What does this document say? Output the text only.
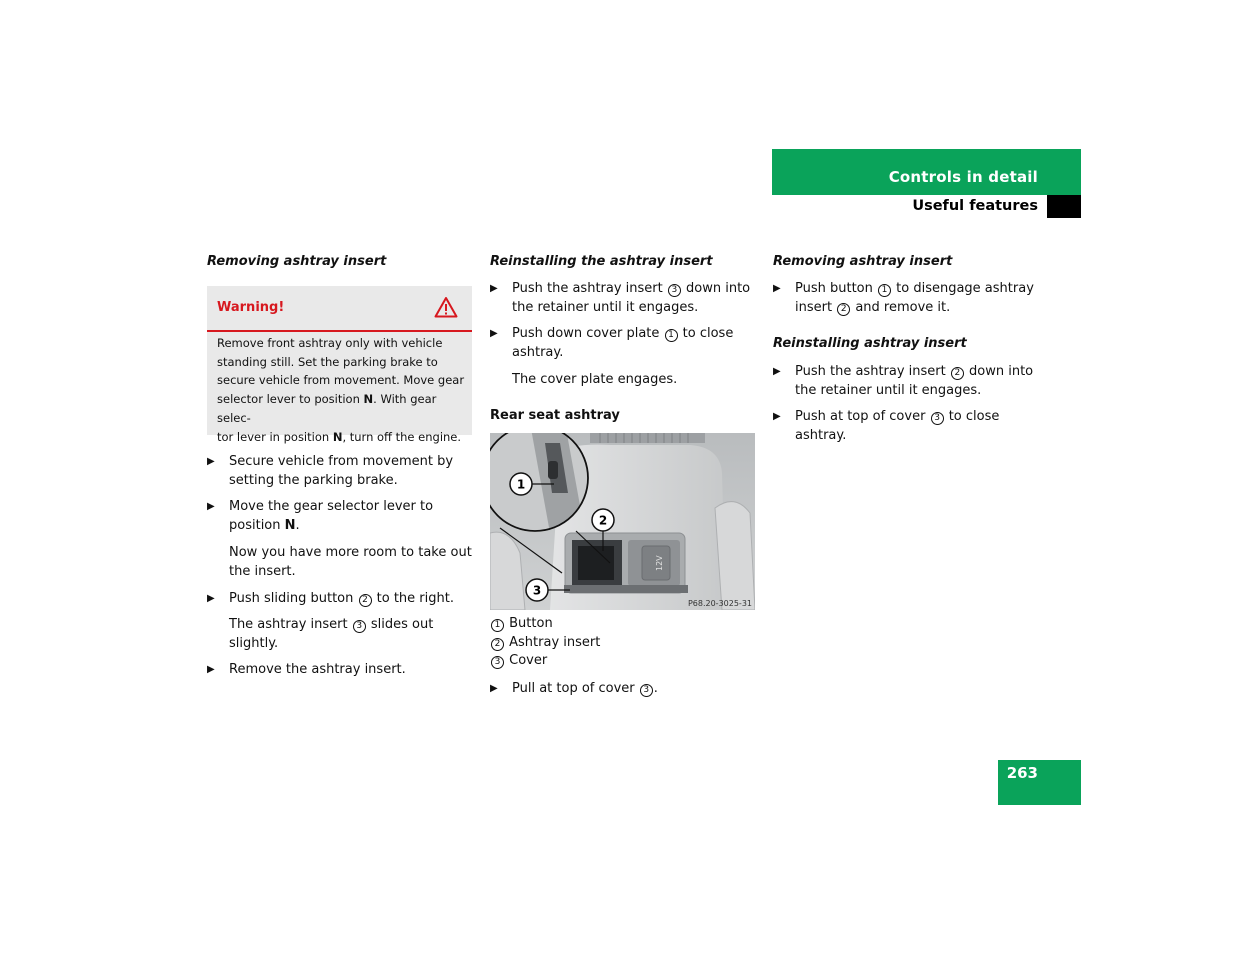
Controls in detail
Useful features
Removing ashtray insert
Warning!
Remove front ashtray only with vehicle
standing still. Set the parking brake to
secure vehicle from movement. Move gear
selector lever to position N. With gear selec-
tor lever in position N, turn off the engine.
▶ Secure vehicle from movement by setting the parking brake.
▶ Move the gear selector lever to position N.
Now you have more room to take out the insert.
▶ Push sliding button 2 to the right.
The ashtray insert 3 slides out slightly.
▶ Remove the ashtray insert.
Reinstalling the ashtray insert
▶ Push the ashtray insert 3 down into the retainer until it engages.
▶ Push down cover plate 1 to close ashtray.
The cover plate engages.
Rear seat ashtray
12V
1
2
3
P68.20-3025-31
1 Button
2 Ashtray insert
3 Cover
▶ Pull at top of cover 3 .
Removing ashtray insert
▶ Push button 1 to disengage ashtray insert 2 and remove it.
Reinstalling ashtray insert
▶ Push the ashtray insert 2 down into the retainer until it engages.
▶ Push at top of cover 3 to close ashtray.
263
